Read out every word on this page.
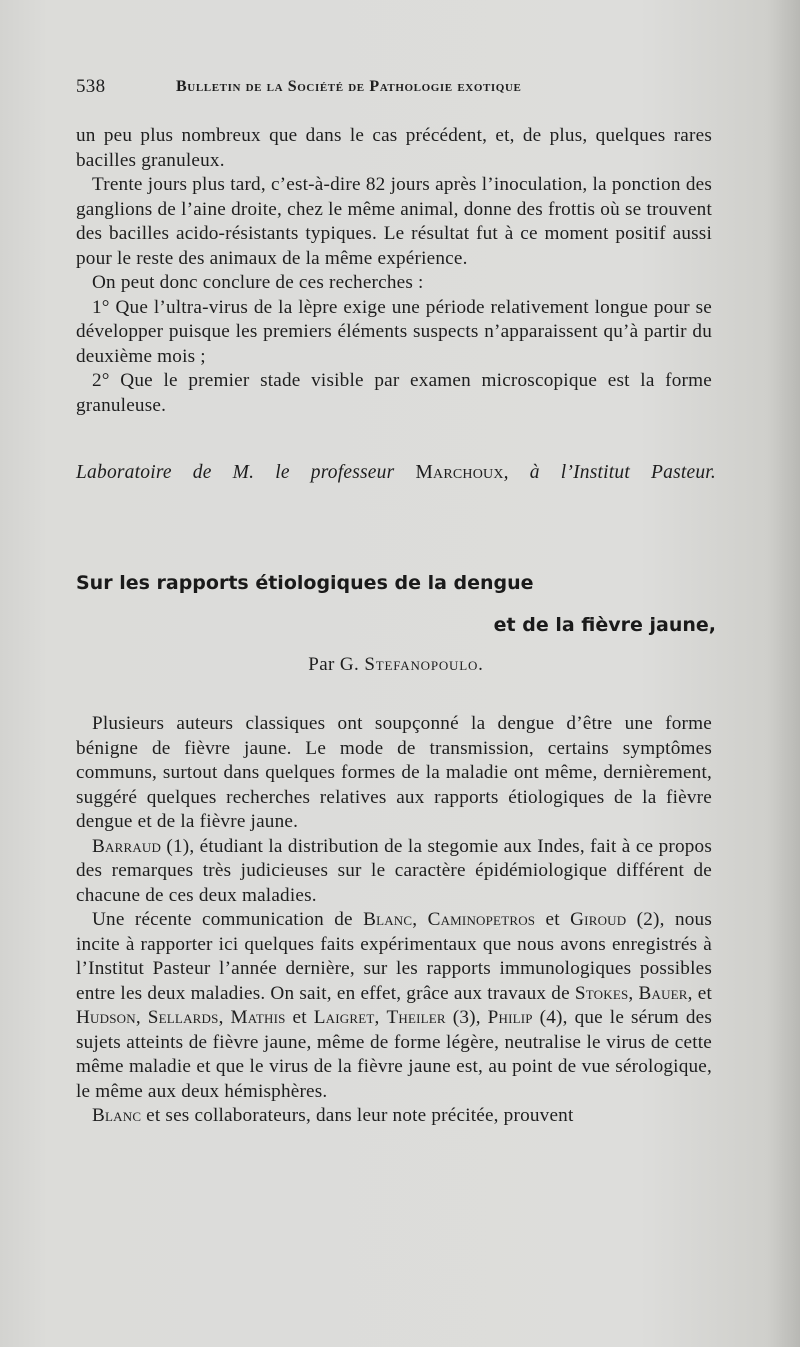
538	Bulletin de la Société de Pathologie exotique

un peu plus nombreux que dans le cas précédent, et, de plus, quelques rares bacilles granuleux.

Trente jours plus tard, c’est-à-dire 82 jours après l’inoculation, la ponction des ganglions de l’aine droite, chez le même animal, donne des frottis où se trouvent des bacilles acido-résistants typiques. Le résultat fut à ce moment positif aussi pour le reste des animaux de la même expérience.

On peut donc conclure de ces recherches :

1° Que l’ultra-virus de la lèpre exige une période relativement longue pour se développer puisque les premiers éléments suspects n’apparaissent qu’à partir du deuxième mois ;

2° Que le premier stade visible par examen microscopique est la forme granuleuse.

Laboratoire de M. le professeur Marchoux, à l’Institut Pasteur.
Sur les rapports étiologiques de la dengue
et de la fièvre jaune,
Par G. Stefanopoulo.

Plusieurs auteurs classiques ont soupçonné la dengue d’être une forme bénigne de fièvre jaune. Le mode de transmission, certains symptômes communs, surtout dans quelques formes de la maladie ont même, dernièrement, suggéré quelques recherches relatives aux rapports étiologiques de la fièvre dengue et de la fièvre jaune.

Barraud (1), étudiant la distribution de la stegomie aux Indes, fait à ce propos des remarques très judicieuses sur le caractère épidémiologique différent de chacune de ces deux maladies.

Une récente communication de Blanc, Caminopetros et Giroud (2), nous incite à rapporter ici quelques faits expérimentaux que nous avons enregistrés à l’Institut Pasteur l’année dernière, sur les rapports immunologiques possibles entre les deux maladies. On sait, en effet, grâce aux travaux de Stokes, Bauer, et Hudson, Sellards, Mathis et Laigret, Theiler (3), Philip (4), que le sérum des sujets atteints de fièvre jaune, même de forme légère, neutralise le virus de cette même maladie et que le virus de la fièvre jaune est, au point de vue sérologique, le même aux deux hémisphères.

Blanc et ses collaborateurs, dans leur note précitée, prouvent
